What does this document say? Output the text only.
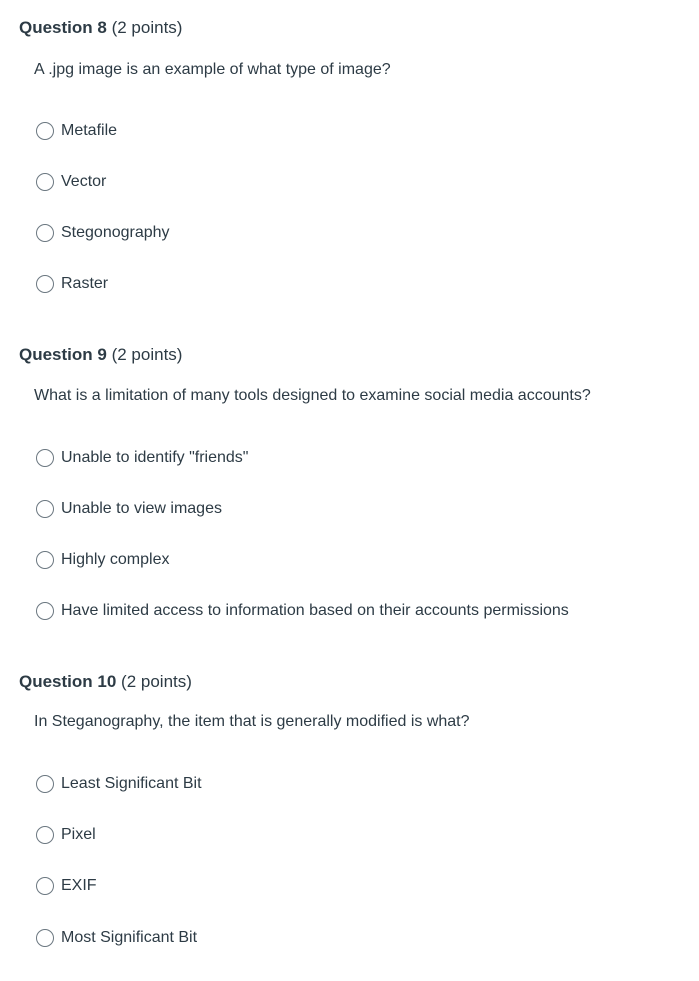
Question 8 (2 points)
A .jpg image is an example of what type of image?
Metafile
Vector
Stegonography
Raster
Question 9 (2 points)
What is a limitation of many tools designed to examine social media accounts?
Unable to identify "friends"
Unable to view images
Highly complex
Have limited access to information based on their accounts permissions
Question 10 (2 points)
In Steganography, the item that is generally modified is what?
Least Significant Bit
Pixel
EXIF
Most Significant Bit
